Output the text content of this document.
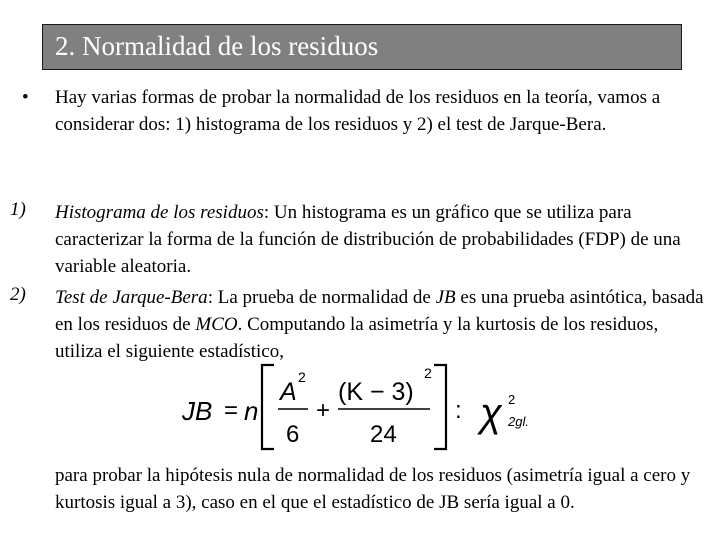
2. Normalidad de los residuos
• Hay varias formas de probar la normalidad de los residuos en la teoría, vamos a considerar dos: 1) histograma de los residuos y 2) el test de Jarque-Bera.

1) Histograma de los residuos: Un histograma es un gráfico que se utiliza para caracterizar la forma de la función de distribución de probabilidades (FDP) de una variable aleatoria.

2) Test de Jarque-Bera: La prueba de normalidad de JB es una prueba asintótica, basada en los residuos de MCO. Computando la asimetría y la kurtosis de los residuos, utiliza el siguiente estadístico,

JB = n
A
2
6
+
(K − 3)
2
24
: χ 2
2gl.

para probar la hipótesis nula de normalidad de los residuos (asimetría igual a cero y kurtosis igual a 3), caso en el que el estadístico de JB sería igual a 0.
